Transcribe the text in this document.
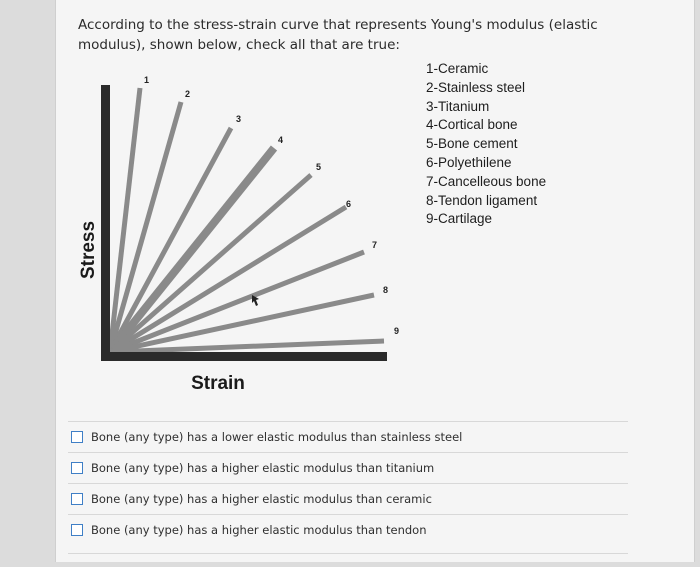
According to the stress-strain curve that represents Young's modulus (elastic modulus), shown below, check all that are true:
1
2
3
4
5
6
7
8
9
Stress
Strain
1-Ceramic
2-Stainless steel
3-Titanium
4-Cortical bone
5-Bone cement
6-Polyethilene
7-Cancelleous bone
8-Tendon ligament
9-Cartilage
Bone (any type) has a lower elastic modulus than stainless steel
Bone (any type) has a higher elastic modulus than titanium
Bone (any type) has a higher elastic modulus than ceramic
Bone (any type) has a higher elastic modulus than tendon
